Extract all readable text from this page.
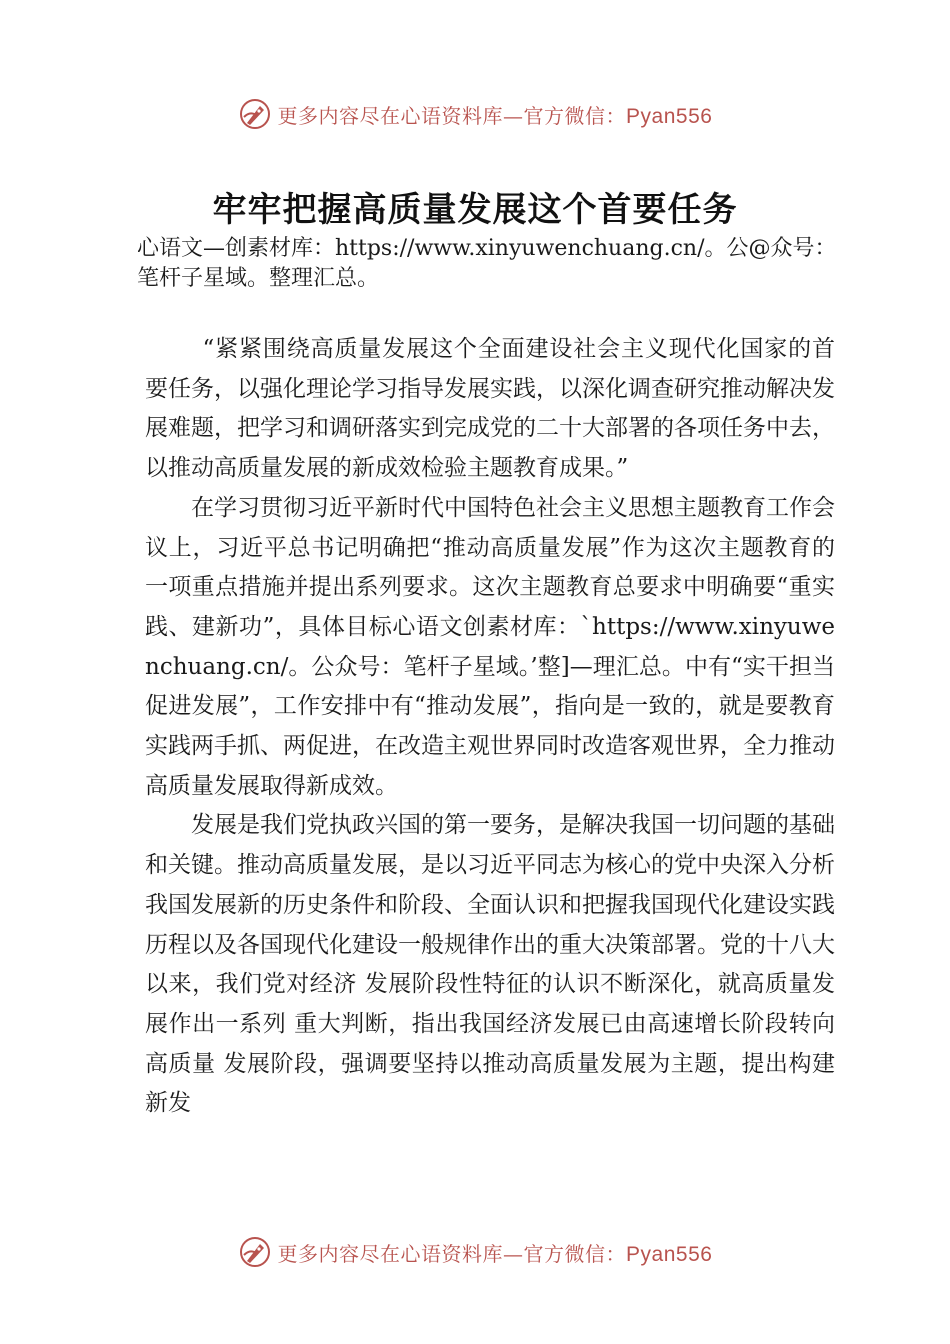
更多内容尽在心语资料库—官方微信：Pyan556
牢牢把握高质量发展这个首要任务

心语文—创素材库：https://www.xinyuwenchuang.cn/。公@众号：笔杆子星域。整理汇总。

“紧紧围绕高质量发展这个全面建设社会主义现代化国家的首要任务，以强化理论学习指导发展实践，以深化调查研究推动解决发展难题，把学习和调研落实到完成党的二十大部署的各项任务中去，以推动高质量发展的新成效检验主题教育成果。”

在学习贯彻习近平新时代中国特色社会主义思想主题教育工作会议上，习近平总书记明确把“推动高质量发展”作为这次主题教育的一项重点措施并提出系列要求。这次主题教育总要求中明确要“重实践、建新功”，具体目标心语文创素材库：`https://www.xinyuwenchuang.cn/。公众号：笔杆子星域。’整]—理汇总。中有“实干担当促进发展”，工作安排中有“推动发展”，指向是一致的，就是要教育实践两手抓、两促进，在改造主观世界同时改造客观世界，全力推动高质量发展取得新成效。

发展是我们党执政兴国的第一要务，是解决我国一切问题的基础和关键。推动高质量发展，是以习近平同志为核心的党中央深入分析我国发展新的历史条件和阶段、全面认识和把握我国现代化建设实践历程以及各国现代化建设一般规律作出的重大决策部署。党的十八大以来，我们党对经济 发展阶段性特征的认识不断深化，就高质量发展作出一系列 重大判断，指出我国经济发展已由高速增长阶段转向高质量 发展阶段，强调要坚持以推动高质量发展为主题，提出构建 新发

更多内容尽在心语资料库—官方微信：Pyan556
